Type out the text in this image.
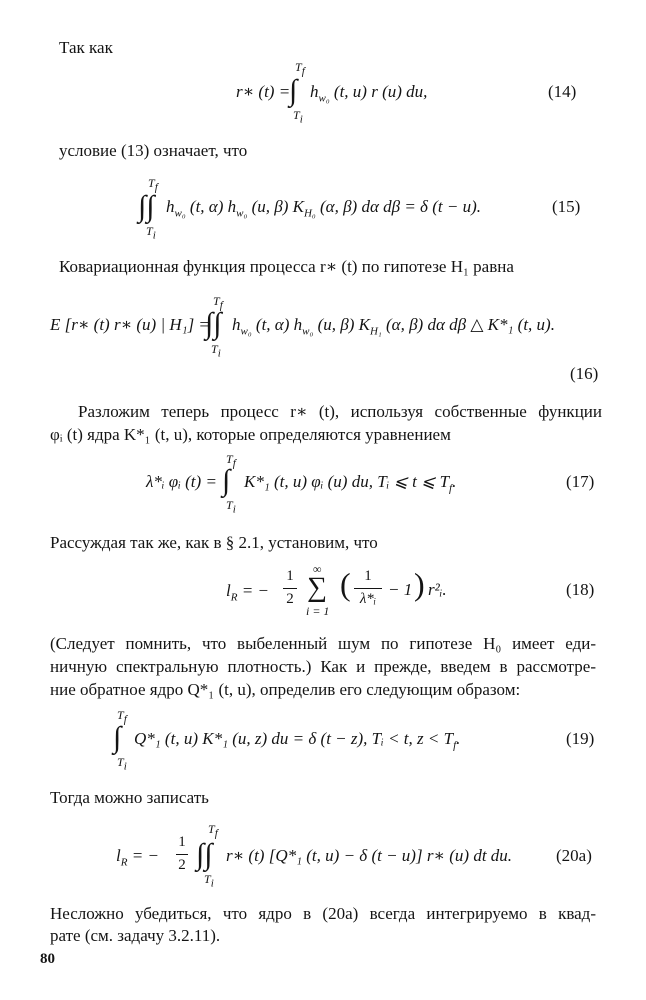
Так как
$T_f$
r∗ (t) =
∫ $h_{w_0}$ (t, u) r (u) du,
$T_i$
(14)
условие (13) означает, что
$T_f$
∫∫ $h_{w_0}$ (t, α) $h_{w_0}$ (u, β) $K_{H_0}$ (α, β) dα dβ = δ (t − u).
$T_i$
(15)
Ковариационная функция процесса r∗ (t) по гипотезе H₁ равна
$T_f$
E [r∗ (t) r∗ (u) | H₁] =
∫∫ $h_{w_0}$ (t, α) $h_{w_0}$ (u, β) $K_{H_1}$ (α, β) dα dβ △ K*₁ (t, u).
$T_i$
(16)
Разложим теперь процесс r∗ (t), используя собственные функции
φᵢ (t) ядра K*₁ (t, u), которые определяются уравнением
$T_f$
λ*ᵢ φᵢ (t) = ∫ K*₁ (t, u) φᵢ (u) du, Tᵢ ⩽ t ⩽ $T_f$.
$T_i$
(17)
Рассуждая так же, как в § 2.1, установим, что
$l_R$ = −
1
2
∞
∑
i = 1
( 1
λ*ᵢ − 1 ) r²ᵢ.	(18)
(Следует помнить, что выбеленный шум по гипотезе H₀ имеет еди-
ничную спектральную плотность.) Как и прежде, введем в рассмотре-
ние обратное ядро Q*₁ (t, u), определив его следующим образом:
$T_f$
∫ Q*₁ (t, u) K*₁ (u, z) du = δ (t − z), Tᵢ < t, $z < T_f$.
$T_i$
(19)
Тогда можно записать
$l_R$ = −
1
2
$T_f$
∫∫ r∗ (t) [Q*₁ (t, u) − δ (t − u)] r∗ (u) dt du.
$T_i$
(20а)
Несложно убедиться, что ядро в (20а) всегда интегрируемо в квад-
рате (см. задачу 3.2.11).
80
